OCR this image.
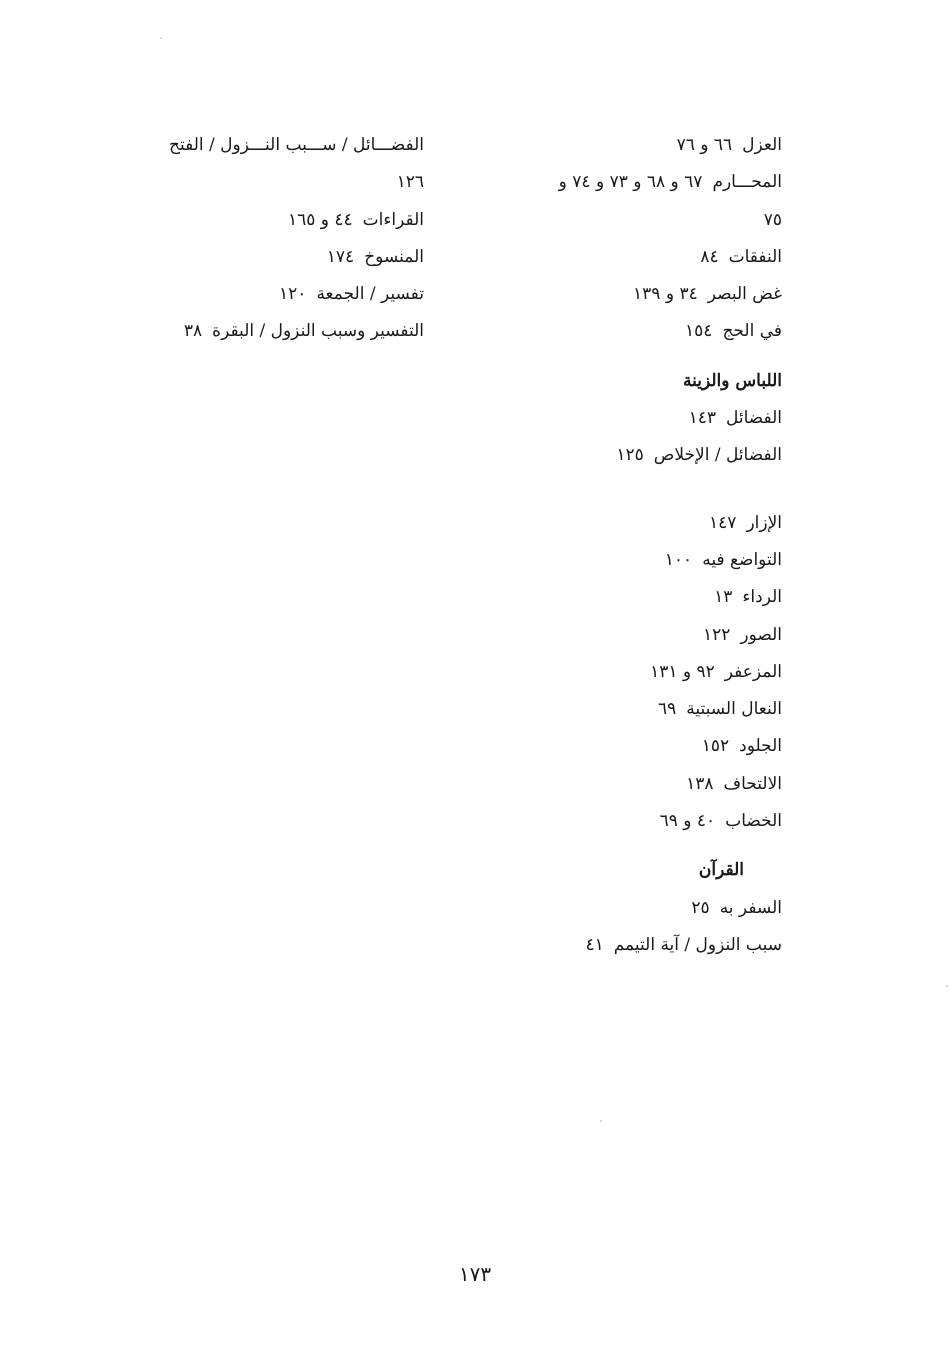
العزل٦٦ و ٧٦
المحـــارم٦٧ و ٦٨ و ٧٣ و ٧٤ و
٧٥
النفقات٨٤
غض البصر٣٤ و ١٣٩
في الحج١٥٤
اللباس والزينة
الفضائل١٤٣
الفضائل / الإخلاص١٢٥
الإزار١٤٧
التواضع فيه١٠٠
الرداء١٣
الصور١٢٢
المزعفر٩٢ و ١٣١
النعال السبتية٦٩
الجلود١٥٢
الالتحاف١٣٨
الخضاب٤٠ و ٦٩
القرآن
السفر به٢٥
سبب النزول / آية التيمم٤١
الفضـــائل / ســـبب النـــزول / الفتح
١٢٦
القراءات٤٤ و ١٦٥
المنسوخ١٧٤
تفسير / الجمعة١٢٠
التفسير وسبب النزول / البقرة٣٨
١٧٣
